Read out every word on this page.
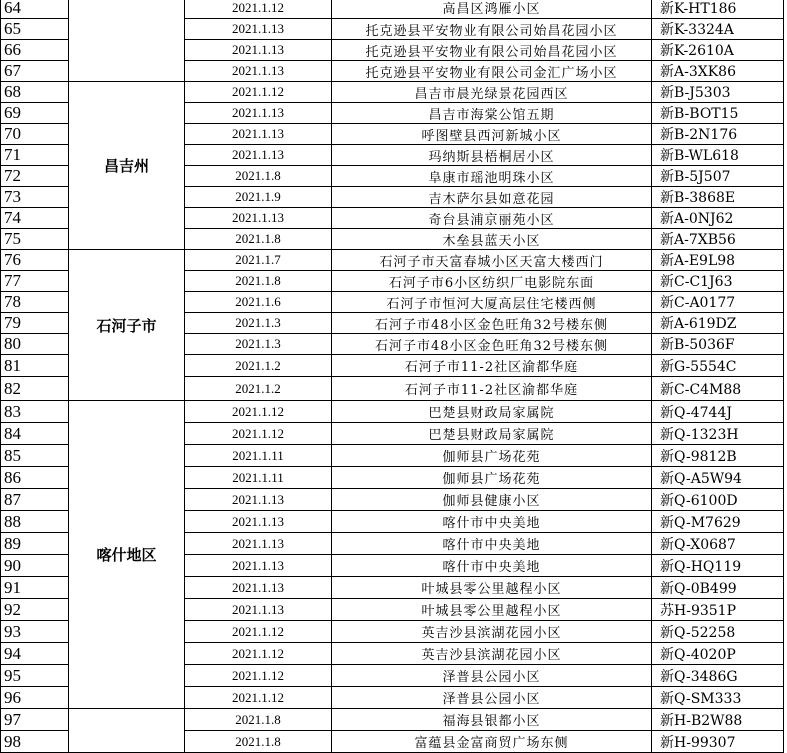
64		2021.1.12	高昌区鸿雁小区	新K-HT186
65		2021.1.13	托克逊县平安物业有限公司始昌花园小区	新K-3324A
66		2021.1.13	托克逊县平安物业有限公司始昌花园小区	新K-2610A
67		2021.1.13	托克逊县平安物业有限公司金汇广场小区	新A-3XK86
68	昌吉州	2021.1.12	昌吉市晨光绿景花园西区	新B-J5303
69		2021.1.13	昌吉市海棠公馆五期	新B-BOT15
70		2021.1.13	呼图壁县西河新城小区	新B-2N176
71		2021.1.13	玛纳斯县梧桐居小区	新B-WL618
72		2021.1.8	阜康市瑶池明珠小区	新B-5J507
73		2021.1.9	吉木萨尔县如意花园	新B-3868E
74		2021.1.13	奇台县浦京丽苑小区	新A-0NJ62
75		2021.1.8	木垒县蓝天小区	新A-7XB56
76	石河子市	2021.1.7	石河子市天富春城小区天富大楼西门	新A-E9L98
77		2021.1.8	石河子市6小区纺织厂电影院东面	新C-C1J63
78		2021.1.6	石河子市恒河大厦高层住宅楼西侧	新C-A0177
79		2021.1.3	石河子市48小区金色旺角32号楼东侧	新A-619DZ
80		2021.1.3	石河子市48小区金色旺角32号楼东侧	新B-5036F
81		2021.1.2	石河子市11-2社区渝都华庭	新G-5554C
82		2021.1.2	石河子市11-2社区渝都华庭	新C-C4M88
83	喀什地区	2021.1.12	巴楚县财政局家属院	新Q-4744J
84		2021.1.12	巴楚县财政局家属院	新Q-1323H
85		2021.1.11	伽师县广场花苑	新Q-9812B
86		2021.1.11	伽师县广场花苑	新Q-A5W94
87		2021.1.13	伽师县健康小区	新Q-6100D
88		2021.1.13	喀什市中央美地	新Q-M7629
89		2021.1.13	喀什市中央美地	新Q-X0687
90		2021.1.13	喀什市中央美地	新Q-HQ119
91		2021.1.13	叶城县零公里越程小区	新Q-0B499
92		2021.1.13	叶城县零公里越程小区	苏H-9351P
93		2021.1.12	英吉沙县滨湖花园小区	新Q-52258
94		2021.1.12	英吉沙县滨湖花园小区	新Q-4020P
95		2021.1.12	泽普县公园小区	新Q-3486G
96		2021.1.12	泽普县公园小区	新Q-SM333
97		2021.1.8	福海县银都小区	新H-B2W88
98		2021.1.8	富蕴县金富商贸广场东侧	新H-99307
